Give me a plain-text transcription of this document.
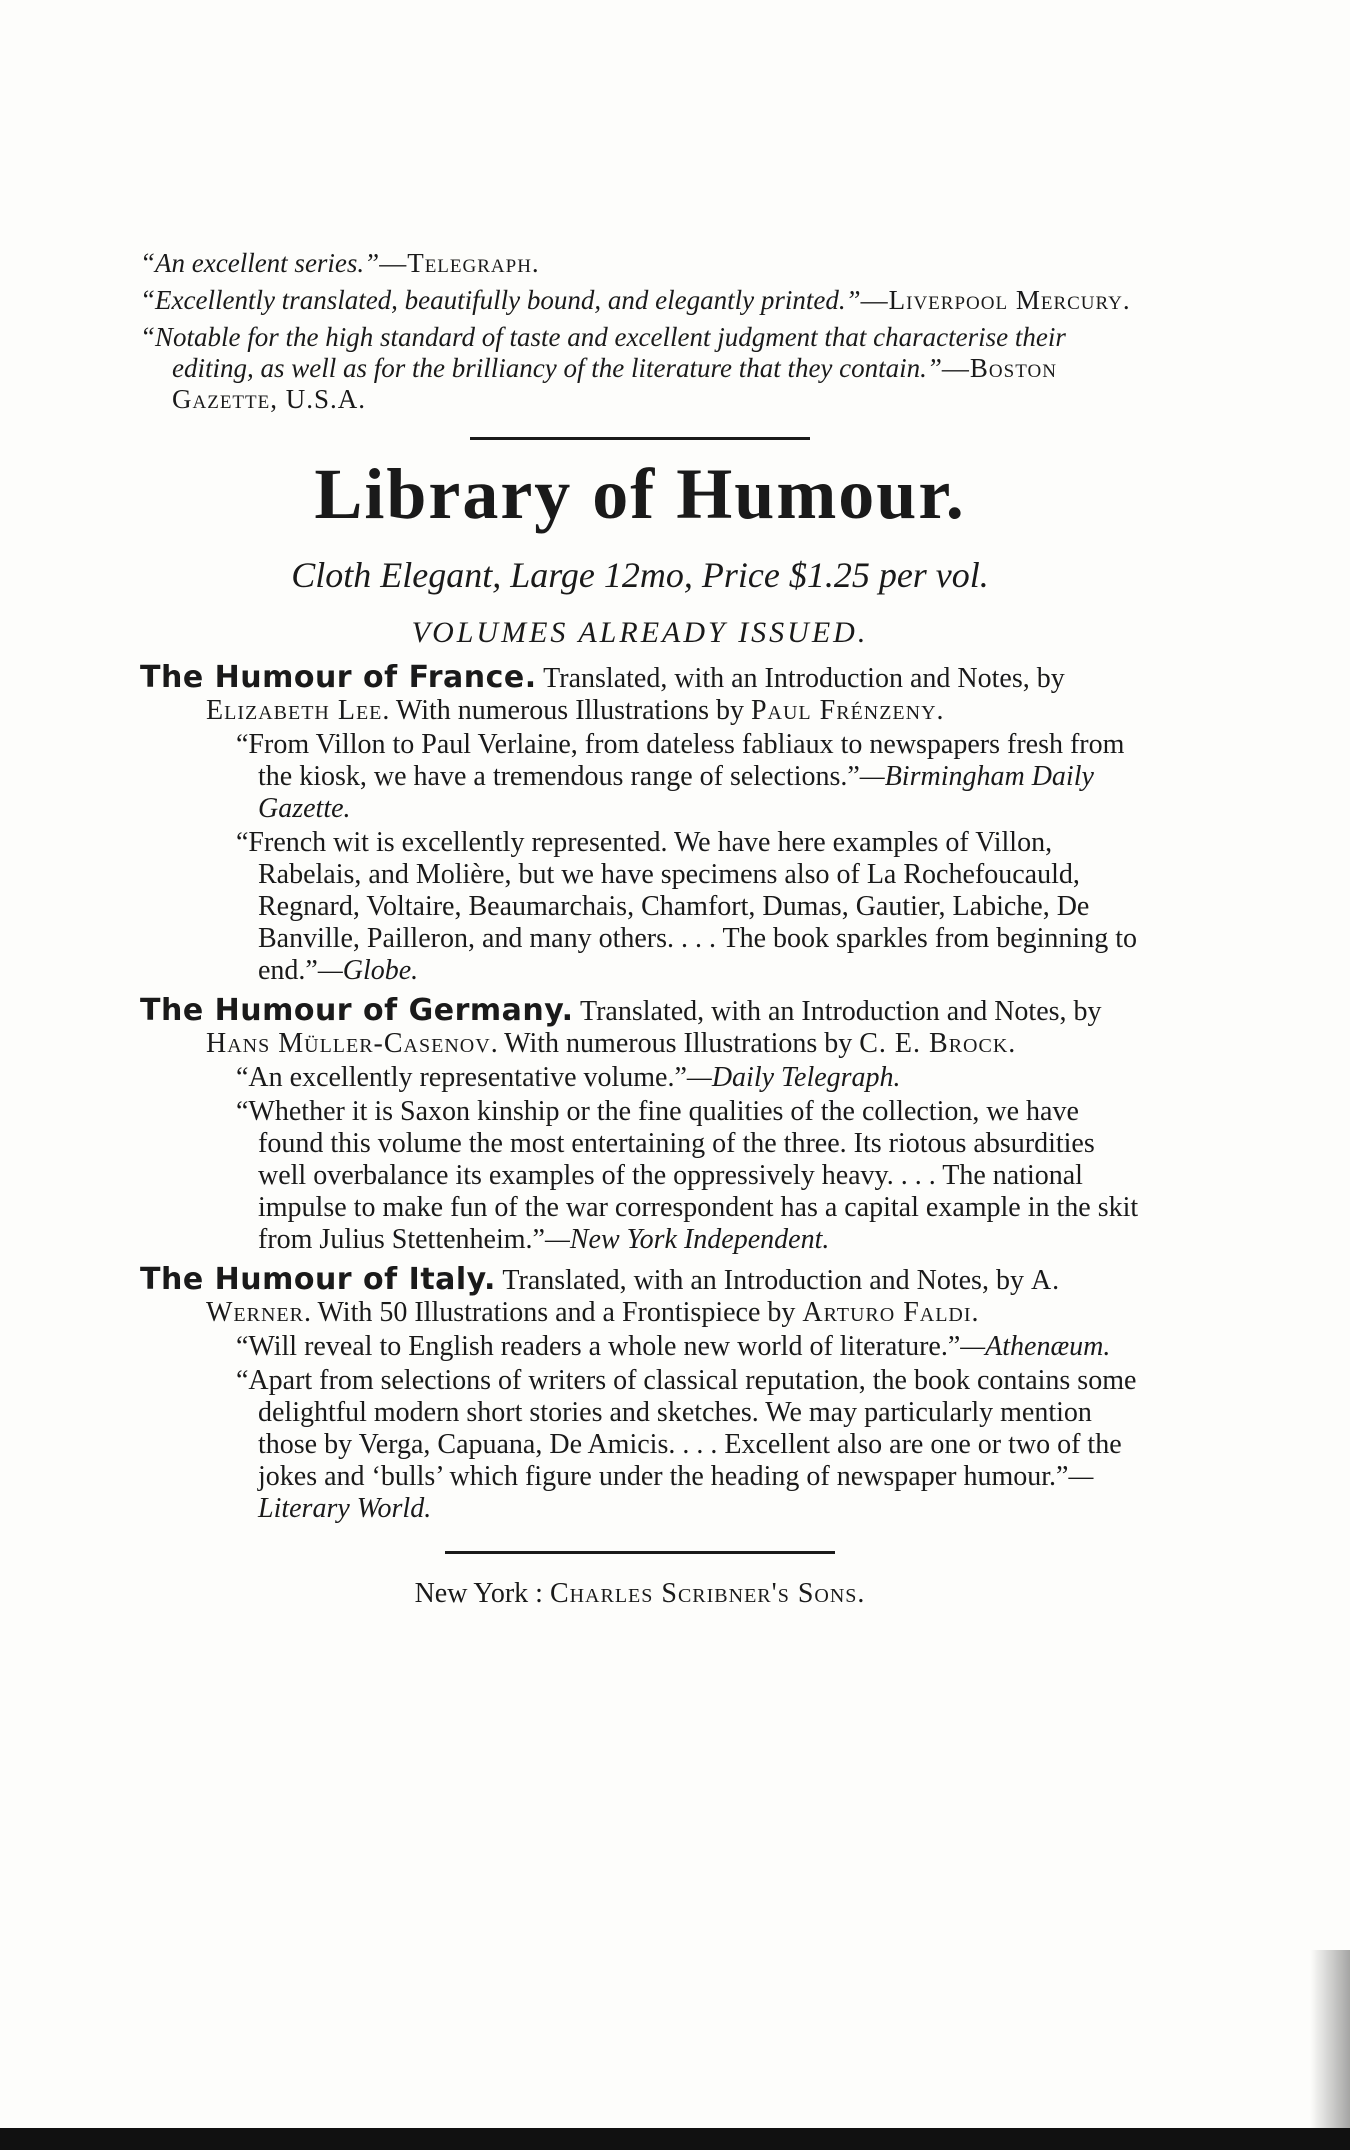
“An excellent series.”—Telegraph.

“Excellently translated, beautifully bound, and elegantly printed.”—Liverpool Mercury.

“Notable for the high standard of taste and excellent judgment that characterise their editing, as well as for the brilliancy of the literature that they contain.”—Boston Gazette, U.S.A.

Library of Humour.
Cloth Elegant, Large 12mo, Price $1.25 per vol.
VOLUMES ALREADY ISSUED.
The Humour of France. Translated, with an Introduction and Notes, by Elizabeth Lee. With numerous Illustrations by Paul Frénzeny.

“From Villon to Paul Verlaine, from dateless fabliaux to newspapers fresh from the kiosk, we have a tremendous range of selections.”—Birmingham Daily Gazette.

“French wit is excellently represented. We have here examples of Villon, Rabelais, and Molière, but we have specimens also of La Rochefoucauld, Regnard, Voltaire, Beaumarchais, Chamfort, Dumas, Gautier, Labiche, De Banville, Pailleron, and many others. . . . The book sparkles from beginning to end.”—Globe.

The Humour of Germany. Translated, with an Introduction and Notes, by Hans Müller-Casenov. With numerous Illustrations by C. E. Brock.

“An excellently representative volume.”—Daily Telegraph.

“Whether it is Saxon kinship or the fine qualities of the collection, we have found this volume the most entertaining of the three. Its riotous absurdities well overbalance its examples of the oppressively heavy. . . . The national impulse to make fun of the war correspondent has a capital example in the skit from Julius Stettenheim.”—New York Independent.

The Humour of Italy. Translated, with an Introduction and Notes, by A. Werner. With 50 Illustrations and a Frontispiece by Arturo Faldi.

“Will reveal to English readers a whole new world of literature.”—Athenæum.

“Apart from selections of writers of classical reputation, the book contains some delightful modern short stories and sketches. We may particularly mention those by Verga, Capuana, De Amicis. . . . Excellent also are one or two of the jokes and ‘bulls’ which figure under the heading of newspaper humour.”—Literary World.

New York : Charles Scribner's Sons.
